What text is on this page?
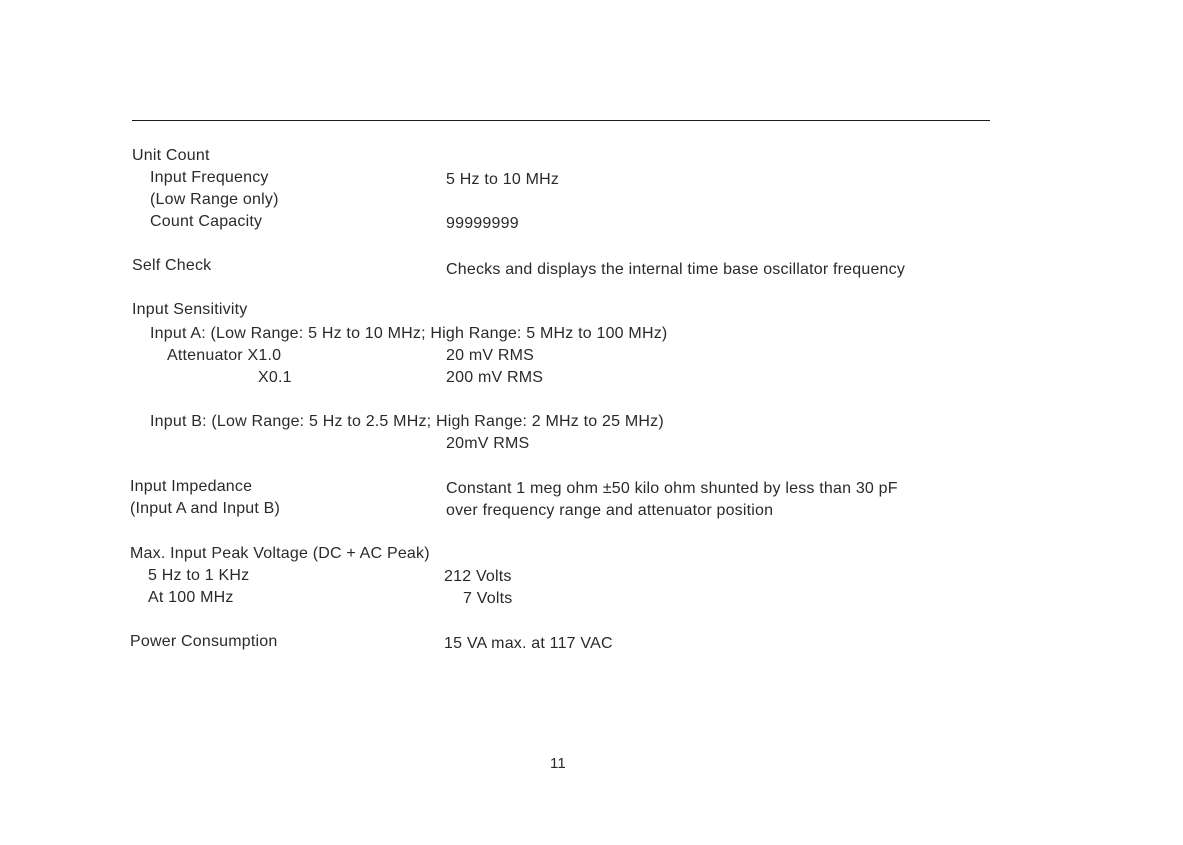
Unit Count
Input Frequency	5 Hz to 10 MHz
(Low Range only)
Count Capacity	99999999
Self Check	Checks and displays the internal time base oscillator frequency
Input Sensitivity
Input A: (Low Range: 5 Hz to 10 MHz; High Range: 5 MHz to 100 MHz)
Attenuator X1.0	20 mV RMS
X0.1	200 mV RMS
Input B: (Low Range: 5 Hz to 2.5 MHz; High Range: 2 MHz to 25 MHz)
20mV RMS
Input Impedance	Constant 1 meg ohm ±50 kilo ohm shunted by less than 30 pF
(Input A and Input B)	over frequency range and attenuator position
Max. Input Peak Voltage (DC + AC Peak)
5 Hz to 1 KHz	212 Volts
At 100 MHz	7 Volts
Power Consumption	15 VA max. at 117 VAC
11
